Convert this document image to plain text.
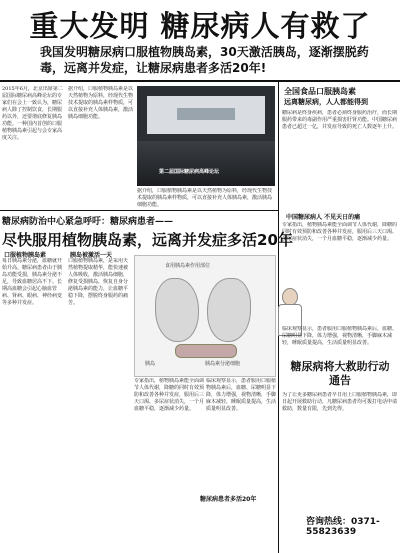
重大发明 糖尿病人有救了
我国发明糖尿病口服植物胰岛素，30天激活胰岛，逐渐摆脱药毒，远离并发症，让糖尿病患者多活20年!
2015年6月，北京出席第二届国际糖尿病高峰论坛的专家们在会上一致认为，糖尿病人除了控制饮食，长期服药以外，还要彻底修复胰岛功能。一种国内首创的口服植物胰岛素引起与会专家高度关注。
据介绍，口服植物胰岛素是以天然植物为原料，经现代生物技术提取的胰岛素样物质，可以直接补充人体胰岛素，激活胰岛细胞功能。
第二届国际糖尿病高峰论坛
据介绍，口服植物胰岛素是以天然植物为原料，经现代生物技术提取的胰岛素样物质，可以直接补充人体胰岛素，激活胰岛细胞功能。
全国食品口服胰岛素
远离糖尿病，人人都能得到
糖尿病是终身疾病，患者必须终身服药治疗，而长期服药带来的毒副作用严重损害肝肾功能。中国糖尿病患者已超过一亿，并发症导致的死亡人数逐年上升。
中国糖尿病人 不见天日的痛
专家指出，植物胰岛素能全面调节人体代谢，降糖的同时有效预防和改善各种并发症，服用后三天口渴、多尿症状消失，一个月血糖平稳，逐渐减少药量。
糖尿病防治中心紧急呼吁：糖尿病患者——
尽快服用植物胰岛素，远离并发症多活20年
口服植物胰岛素
每日胰岛素分泌，血糖就开始升高。糖尿病患者由于胰岛功能受损，胰岛素分泌不足，导致血糖居高不下。长期高血糖会引起心脑血管病、肾病、眼病、神经病变等多种并发症。
胰岛被激活一天
口服植物胰岛素，是采用天然植物提取精华，能快速被人体吸收，激活胰岛细胞，修复受损胰岛，恢复自身分泌胰岛素的能力，让血糖平稳下降，摆脱终身服药的痛苦。
食用胰岛素作用部位
胰岛	胰岛素分泌细胞
专家指出，植物胰岛素能全面调节人体代谢，降糖的同时有效预防和改善各种并发症，服用后三天口渴、多尿症状消失，一个月血糖平稳，逐渐减少药量。
临床观察显示，患者服用口服植物胰岛素后，血糖、尿糖明显下降，体力增强，视物清晰，手脚麻木减轻，睡眠质量提高，生活质量明显改善。
糖尿病患者多活20年
临床观察显示，患者服用口服植物胰岛素后，血糖、尿糖明显下降，体力增强，视物清晰，手脚麻木减轻，睡眠质量提高，生活质量明显改善。
糖尿病将大救助行动通告
为了让更多糖尿病患者早日用上口服植物胰岛素，即日起开展救助行动，凡糖尿病患者均可拨打电话申请救助，数量有限，先到先得。
咨询热线：0371-55823639
